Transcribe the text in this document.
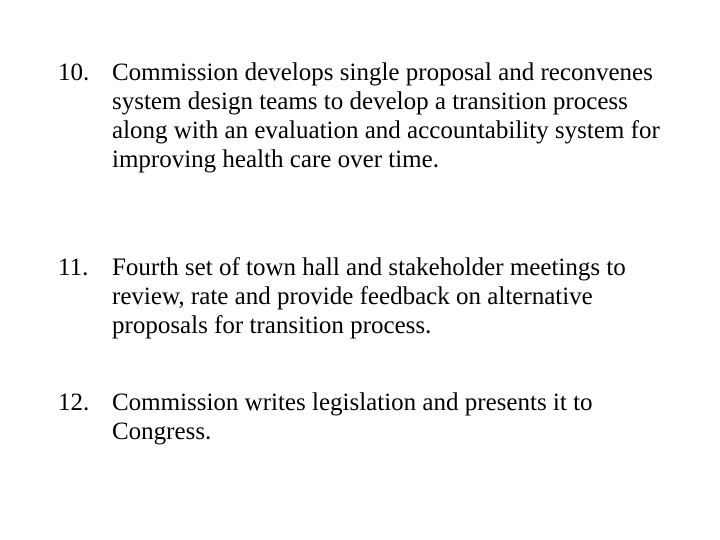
10. Commission develops single proposal and reconvenes system design teams to develop a transition process along with an evaluation and accountability system for improving health care over time.
11. Fourth set of town hall and stakeholder meetings to review, rate and provide feedback on alternative proposals for transition process.
12. Commission writes legislation and presents it to Congress.
